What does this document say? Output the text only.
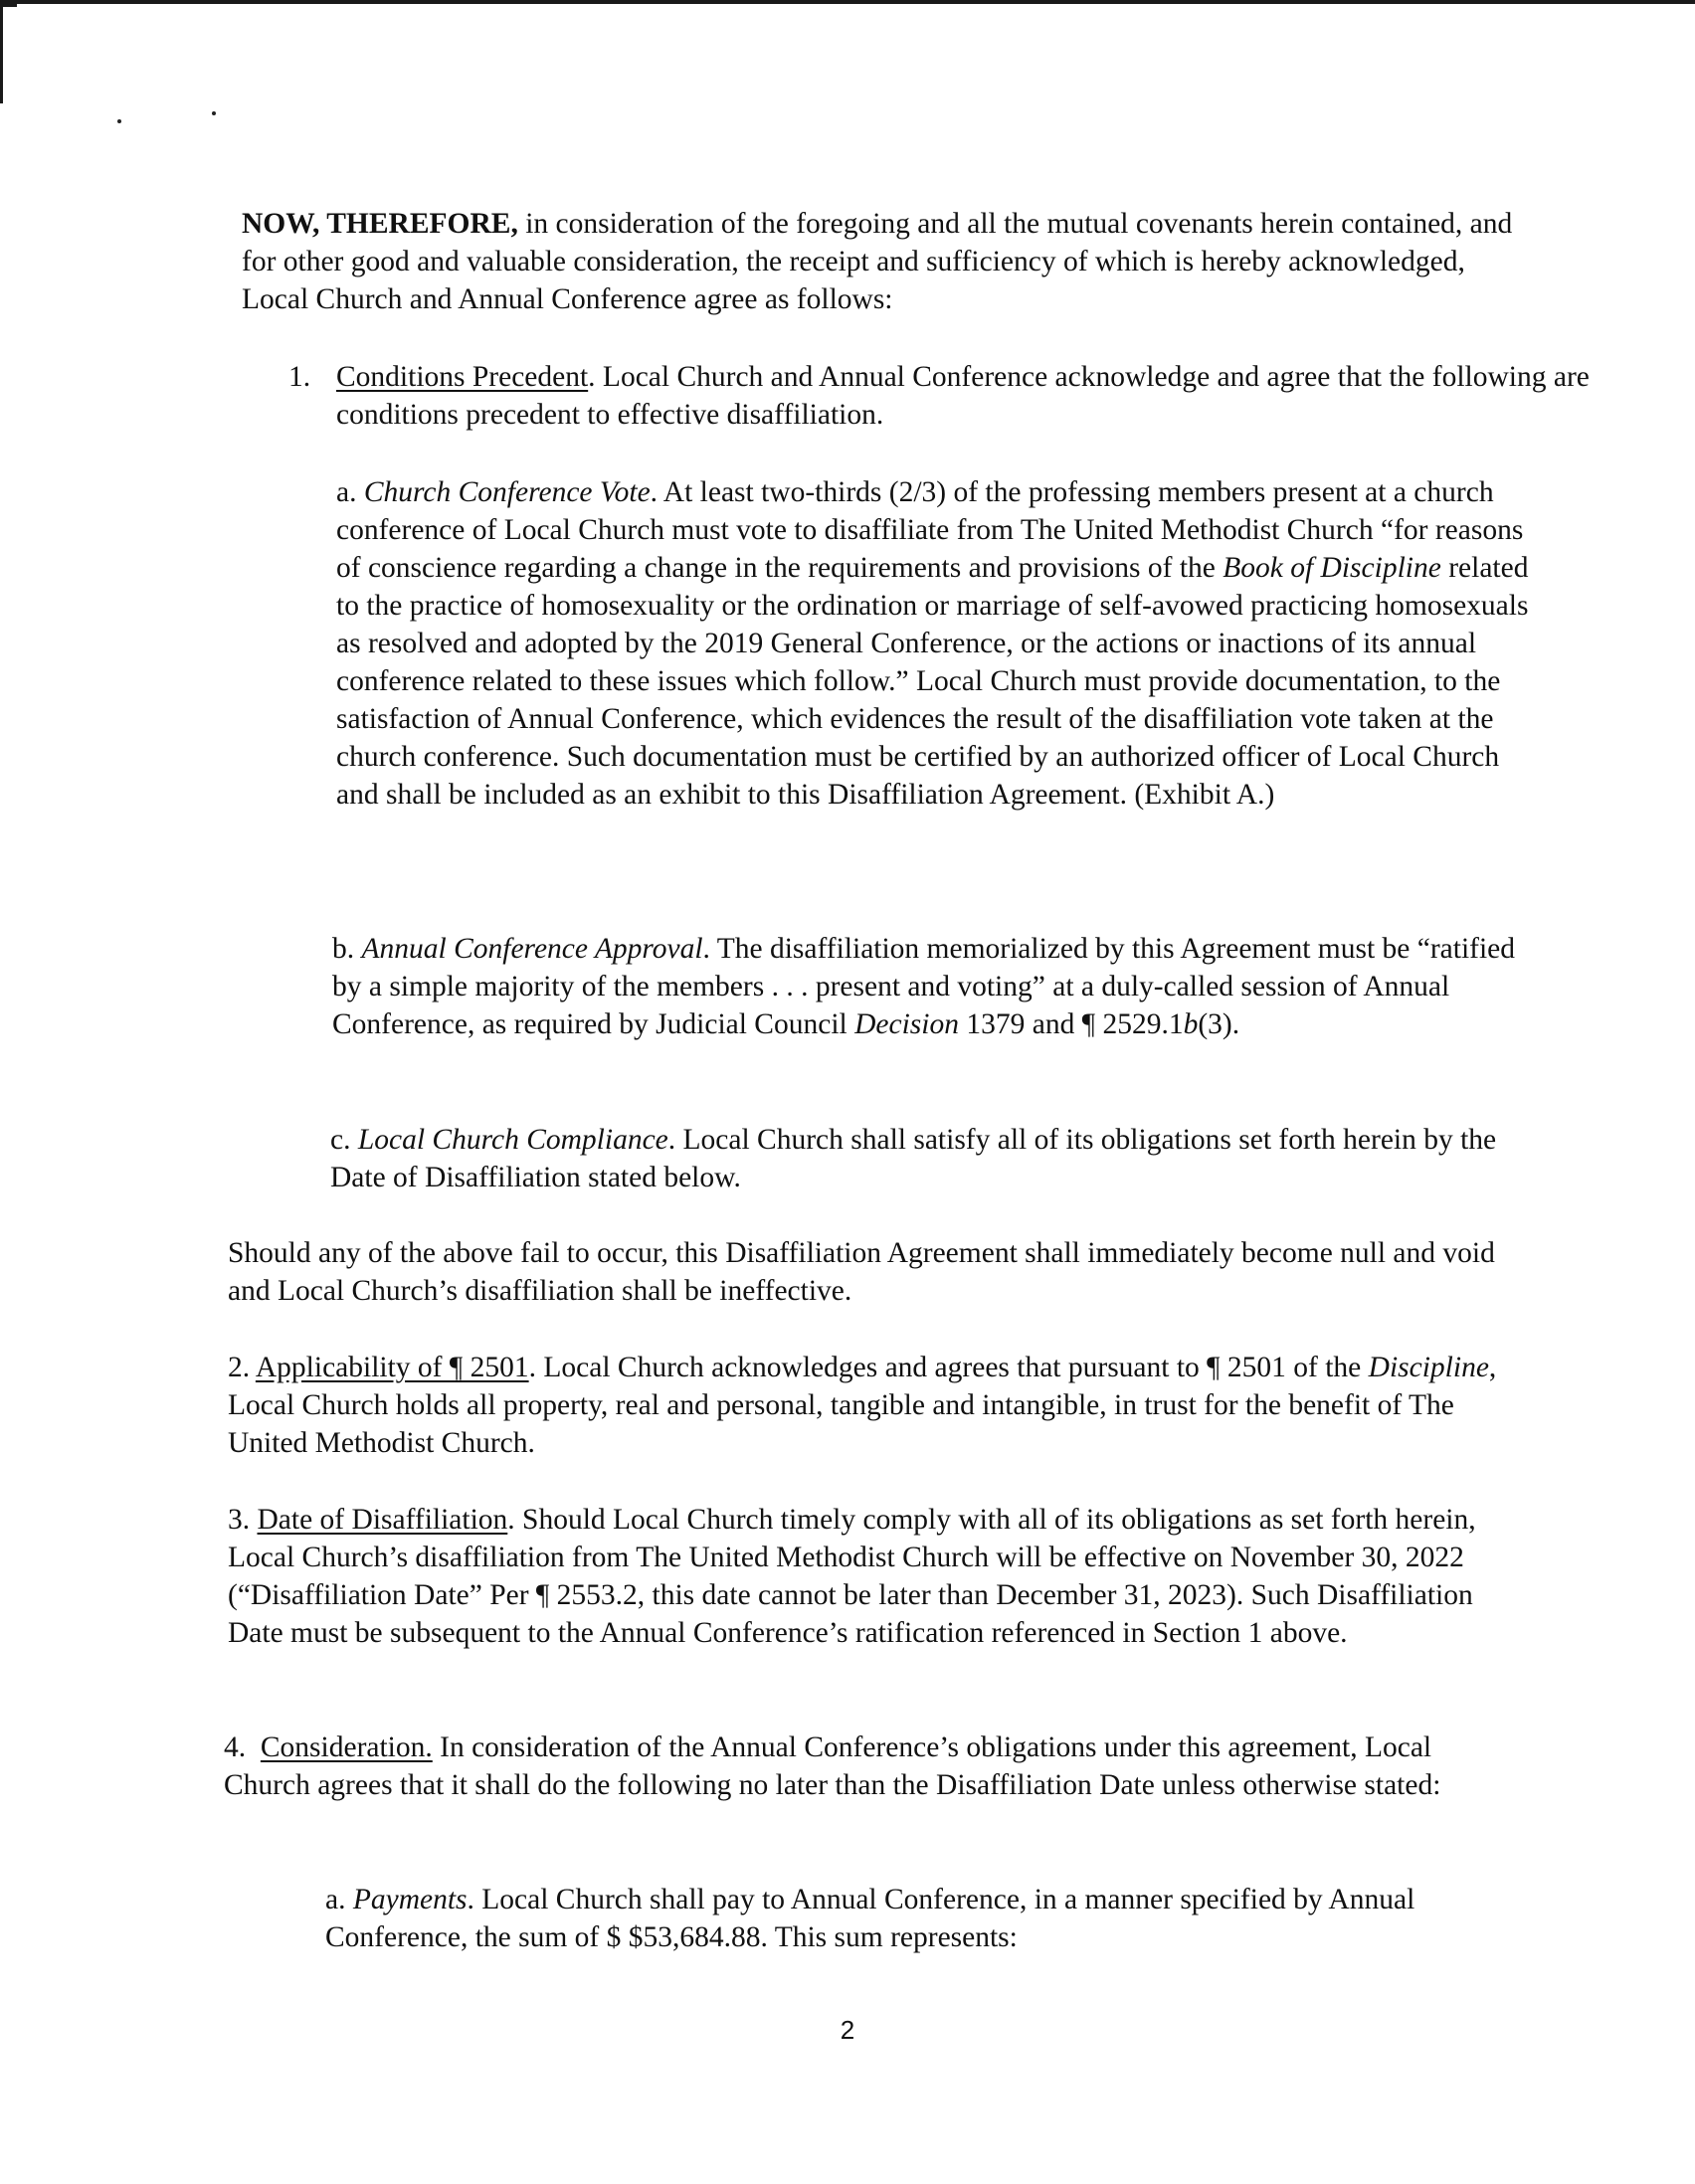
NOW, THEREFORE, in consideration of the foregoing and all the mutual covenants herein contained, and for other good and valuable consideration, the receipt and sufficiency of which is hereby acknowledged, Local Church and Annual Conference agree as follows:

1. Conditions Precedent. Local Church and Annual Conference acknowledge and agree that the following are conditions precedent to effective disaffiliation.

a. Church Conference Vote. At least two-thirds (2/3) of the professing members present at a church conference of Local Church must vote to disaffiliate from The United Methodist Church “for reasons of conscience regarding a change in the requirements and provisions of the Book of Discipline related to the practice of homosexuality or the ordination or marriage of self-avowed practicing homosexuals as resolved and adopted by the 2019 General Conference, or the actions or inactions of its annual conference related to these issues which follow.” Local Church must provide documentation, to the satisfaction of Annual Conference, which evidences the result of the disaffiliation vote taken at the church conference. Such documentation must be certified by an authorized officer of Local Church and shall be included as an exhibit to this Disaffiliation Agreement. (Exhibit A.)

b. Annual Conference Approval. The disaffiliation memorialized by this Agreement must be “ratified by a simple majority of the members . . . present and voting” at a duly-called session of Annual Conference, as required by Judicial Council Decision 1379 and ¶ 2529.1b(3).

c. Local Church Compliance. Local Church shall satisfy all of its obligations set forth herein by the Date of Disaffiliation stated below.

Should any of the above fail to occur, this Disaffiliation Agreement shall immediately become null and void and Local Church’s disaffiliation shall be ineffective.

2. Applicability of ¶ 2501. Local Church acknowledges and agrees that pursuant to ¶ 2501 of the Discipline, Local Church holds all property, real and personal, tangible and intangible, in trust for the benefit of The United Methodist Church.

3. Date of Disaffiliation. Should Local Church timely comply with all of its obligations as set forth herein, Local Church’s disaffiliation from The United Methodist Church will be effective on November 30, 2022 (“Disaffiliation Date” Per ¶ 2553.2, this date cannot be later than December 31, 2023). Such Disaffiliation Date must be subsequent to the Annual Conference’s ratification referenced in Section 1 above.

4.  Consideration. In consideration of the Annual Conference’s obligations under this agreement, Local Church agrees that it shall do the following no later than the Disaffiliation Date unless otherwise stated:

a. Payments. Local Church shall pay to Annual Conference, in a manner specified by Annual Conference, the sum of $ $53,684.88. This sum represents:

2
